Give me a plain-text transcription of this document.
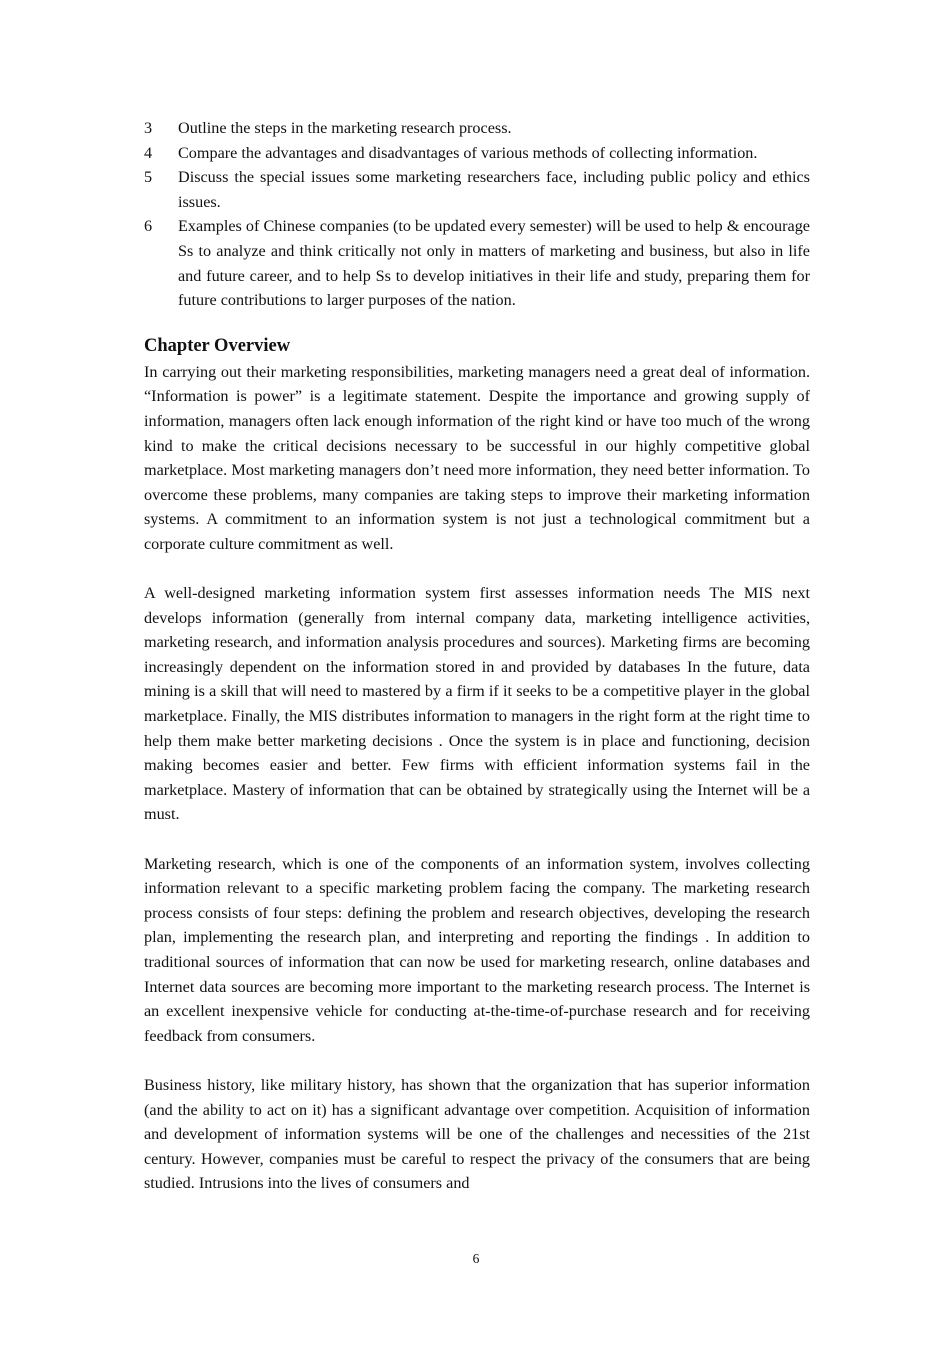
3	Outline the steps in the marketing research process.
4	Compare the advantages and disadvantages of various methods of collecting information.
5	Discuss the special issues some marketing researchers face, including public policy and ethics issues.
6	Examples of Chinese companies (to be updated every semester) will be used to help & encourage Ss to analyze and think critically not only in matters of marketing and business, but also in life and future career, and to help Ss to develop initiatives in their life and study, preparing them for future contributions to larger purposes of the nation.
Chapter Overview

In carrying out their marketing responsibilities, marketing managers need a great deal of information. “Information is power” is a legitimate statement. Despite the importance and growing supply of information, managers often lack enough information of the right kind or have too much of the wrong kind to make the critical decisions necessary to be successful in our highly competitive global marketplace. Most marketing managers don’t need more information, they need better information. To overcome these problems, many companies are taking steps to improve their marketing information systems. A commitment to an information system is not just a technological commitment but a corporate culture commitment as well.

A well-designed marketing information system first assesses information needs The MIS next develops information (generally from internal company data, marketing intelligence activities, marketing research, and information analysis procedures and sources). Marketing firms are becoming increasingly dependent on the information stored in and provided by databases In the future, data mining is a skill that will need to mastered by a firm if it seeks to be a competitive player in the global marketplace. Finally, the MIS distributes information to managers in the right form at the right time to help them make better marketing decisions . Once the system is in place and functioning, decision making becomes easier and better. Few firms with efficient information systems fail in the marketplace. Mastery of information that can be obtained by strategically using the Internet will be a must.

Marketing research, which is one of the components of an information system, involves collecting information relevant to a specific marketing problem facing the company. The marketing research process consists of four steps: defining the problem and research objectives, developing the research plan, implementing the research plan, and interpreting and reporting the findings . In addition to traditional sources of information that can now be used for marketing research, online databases and Internet data sources are becoming more important to the marketing research process. The Internet is an excellent inexpensive vehicle for conducting at-the-time-of-purchase research and for receiving feedback from consumers.

Business history, like military history, has shown that the organization that has superior information (and the ability to act on it) has a significant advantage over competition. Acquisition of information and development of information systems will be one of the challenges and necessities of the 21st century. However, companies must be careful to respect the privacy of the consumers that are being studied. Intrusions into the lives of consumers and

6
